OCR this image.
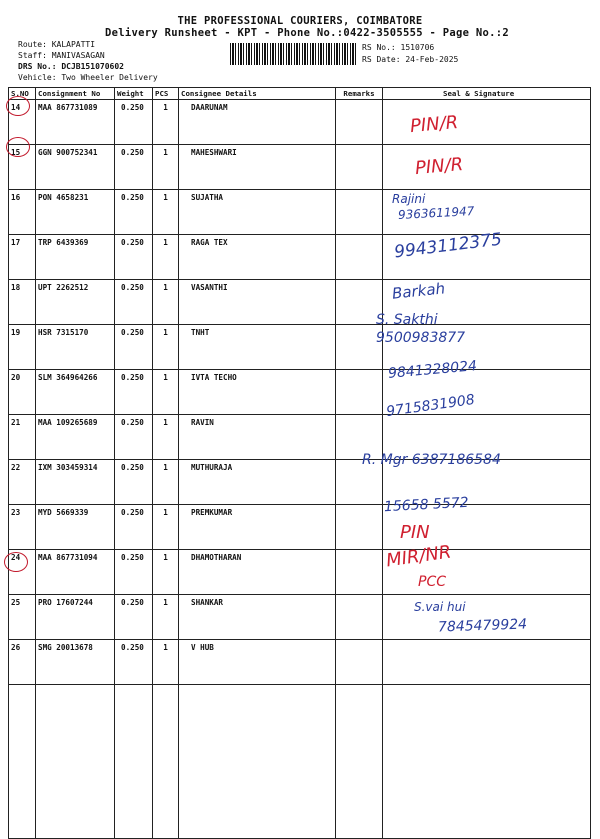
THE PROFESSIONAL COURIERS, COIMBATORE
Delivery Runsheet - KPT - Phone No.:0422-3505555 - Page No.:2
Route: KALAPATTI
Staff: MANIVASAGAN
DRS No.: DCJB151070602
Vehicle: Two Wheeler Delivery
RS No.: 1510706
RS Date: 24-Feb-2025
S.NO	Consignment No	Weight	PCS	Consignee Details	Remarks	Seal & Signature
14	MAA 867731089	0.250	1	DAARUNAM		
15	GGN 900752341	0.250	1	MAHESHWARI		
16	PON 4658231	0.250	1	SUJATHA		
17	TRP 6439369	0.250	1	RAGA TEX		
18	UPT 2262512	0.250	1	VASANTHI		
19	HSR 7315170	0.250	1	TNHT		
20	SLM 364964266	0.250	1	IVTA TECHO		
21	MAA 109265689	0.250	1	RAVIN		
22	IXM 303459314	0.250	1	MUTHURAJA		
23	MYD 5669339	0.250	1	PREMKUMAR		
24	MAA 867731094	0.250	1	DHAMOTHARAN		
25	PRO 17607244	0.250	1	SHANKAR		
26	SMG 20013678	0.250	1	V HUB		

PIN/R
PIN/R
Rajini
9363611947
9943112375
Barkah
S. Sakthi
9500983877
9841328024
9715831908
R. Mgr 6387186584
15658 5572
PIN
MIR/NR
PCC
S.vai hui
7845479924
